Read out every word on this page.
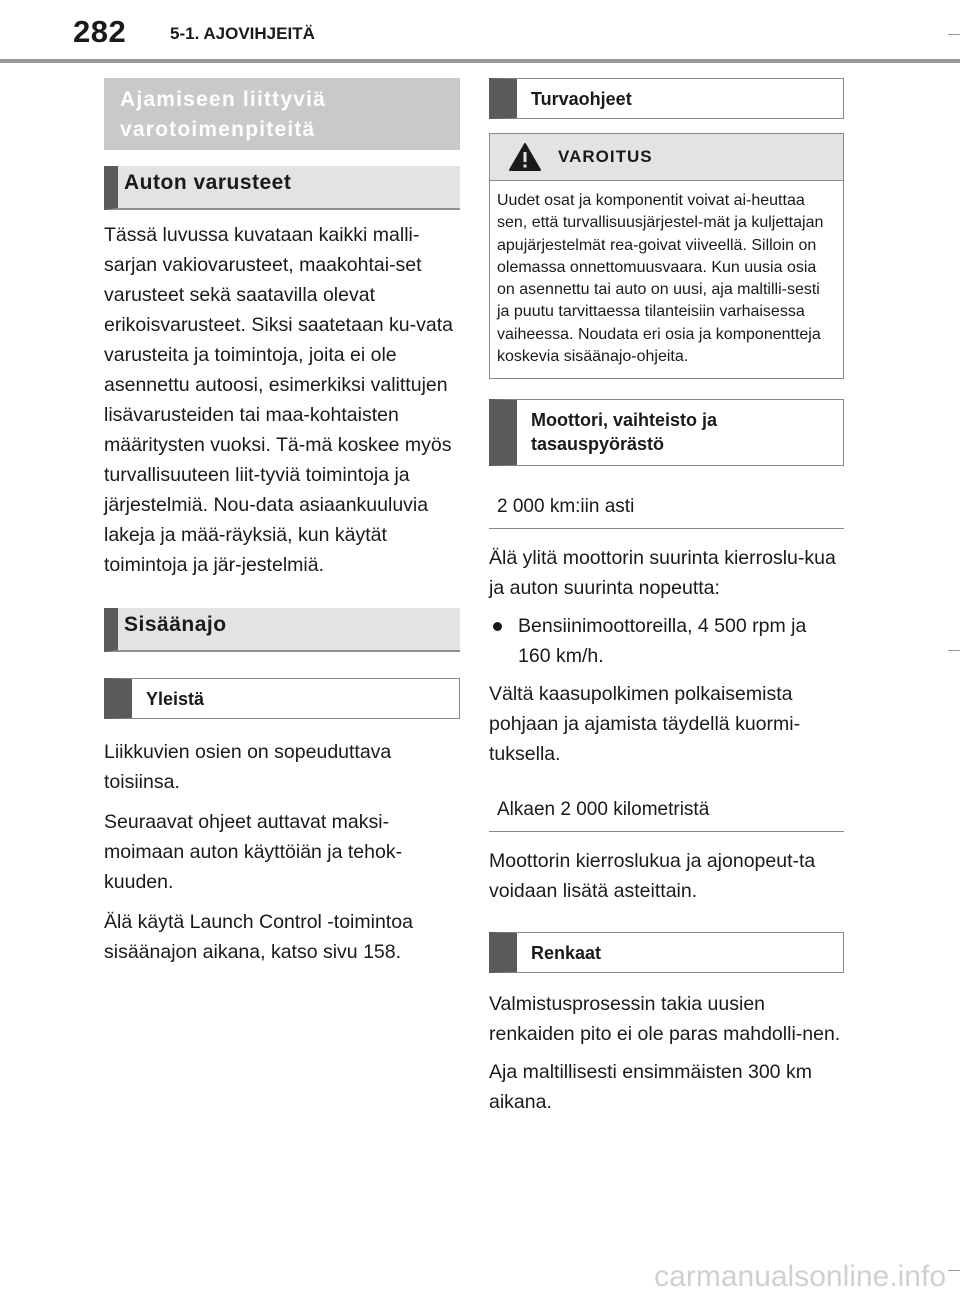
282	5-1. AJOVIHJEITÄ
Ajamiseen liittyviä varotoimenpiteitä
Auton varusteet

Tässä luvussa kuvataan kaikki malli-sarjan vakiovarusteet, maakohtai-set varusteet sekä saatavilla olevat erikoisvarusteet. Siksi saatetaan ku-vata varusteita ja toimintoja, joita ei ole asennettu autoosi, esimerkiksi valittujen lisävarusteiden tai maa-kohtaisten määritysten vuoksi. Tä-mä koskee myös turvallisuuteen liit-tyviä toimintoja ja järjestelmiä. Nou-data asiaankuuluvia lakeja ja mää-räyksiä, kun käytät toimintoja ja jär-jestelmiä.

Sisäänajo
Yleistä

Liikkuvien osien on sopeuduttava toisiinsa.

Seuraavat ohjeet auttavat maksi-moimaan auton käyttöiän ja tehok-kuuden.

Älä käytä Launch Control -toimintoa sisäänajon aikana, katso sivu 158.

Turvaohjeet
VAROITUS
Uudet osat ja komponentit voivat ai-heuttaa sen, että turvallisuusjärjestel-mät ja kuljettajan apujärjestelmät rea-goivat viiveellä. Silloin on olemassa onnettomuusvaara. Kun uusia osia on asennettu tai auto on uusi, aja maltilli-sesti ja puutu tarvittaessa tilanteisiin varhaisessa vaiheessa. Noudata eri osia ja komponentteja koskevia sisäänajo-ohjeita.
Moottori, vaihteisto ja tasauspyörästö
2 000 km:iin asti

Älä ylitä moottorin suurinta kierroslu-kua ja auton suurinta nopeutta:

Bensiinimoottoreilla, 4 500 rpm ja 160 km/h.

Vältä kaasupolkimen polkaisemista pohjaan ja ajamista täydellä kuormi-tuksella.

Alkaen 2 000 kilometristä

Moottorin kierroslukua ja ajonopeut-ta voidaan lisätä asteittain.

Renkaat

Valmistusprosessin takia uusien renkaiden pito ei ole paras mahdolli-nen.

Aja maltillisesti ensimmäisten 300 km aikana.

carmanualsonline.info
